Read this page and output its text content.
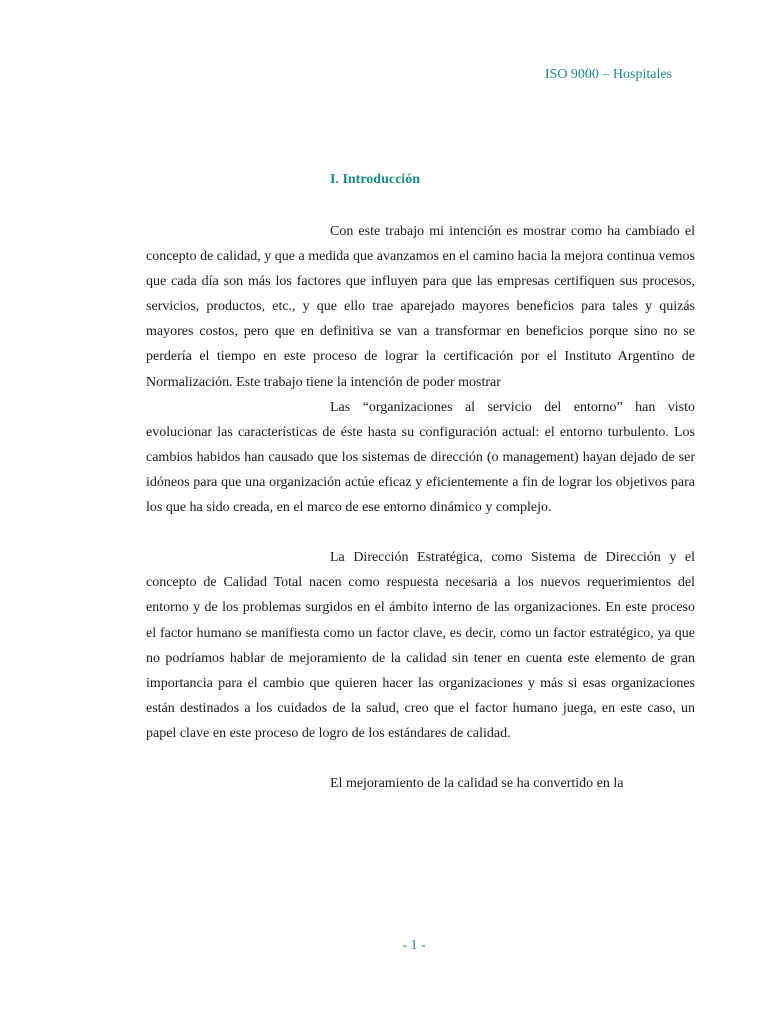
ISO 9000 – Hospitales
I. Introducción

Con este trabajo mi intención es mostrar como ha cambiado el concepto de calidad, y que a medida que avanzamos en el camino hacia la mejora continua vemos que cada día son más los factores que influyen para que las empresas certifiquen sus procesos, servicios, productos, etc., y que ello trae aparejado mayores beneficios para tales y quizás mayores costos, pero que en definitiva se van a transformar en beneficios porque sino no se perdería el tiempo en este proceso de lograr la certificación por el Instituto Argentino de Normalización. Este trabajo tiene la intención de poder mostrar

Las “organizaciones al servicio del entorno” han visto evolucionar las características de éste hasta su configuración actual: el entorno turbulento. Los cambios habidos han causado que los sistemas de dirección (o management) hayan dejado de ser idóneos para que una organización actúe eficaz y eficientemente a fin de lograr los objetivos para los que ha sido creada, en el marco de ese entorno dinámico y complejo.

La Dirección Estratégica, como Sistema de Dirección y el concepto de Calidad Total nacen como respuesta necesaria a los nuevos requerimientos del entorno y de los problemas surgidos en el ámbito interno de las organizaciones. En este proceso el factor humano se manifiesta como un factor clave, es decir, como un factor estratégico, ya que no podríamos hablar de mejoramiento de la calidad sin tener en cuenta este elemento de gran importancia para el cambio que quieren hacer las organizaciones y más si esas organizaciones están destinados a los cuidados de la salud, creo que el factor humano juega, en este caso, un papel clave en este proceso de logro de los estándares de calidad.

El mejoramiento de la calidad se ha convertido en la

- 1 -
